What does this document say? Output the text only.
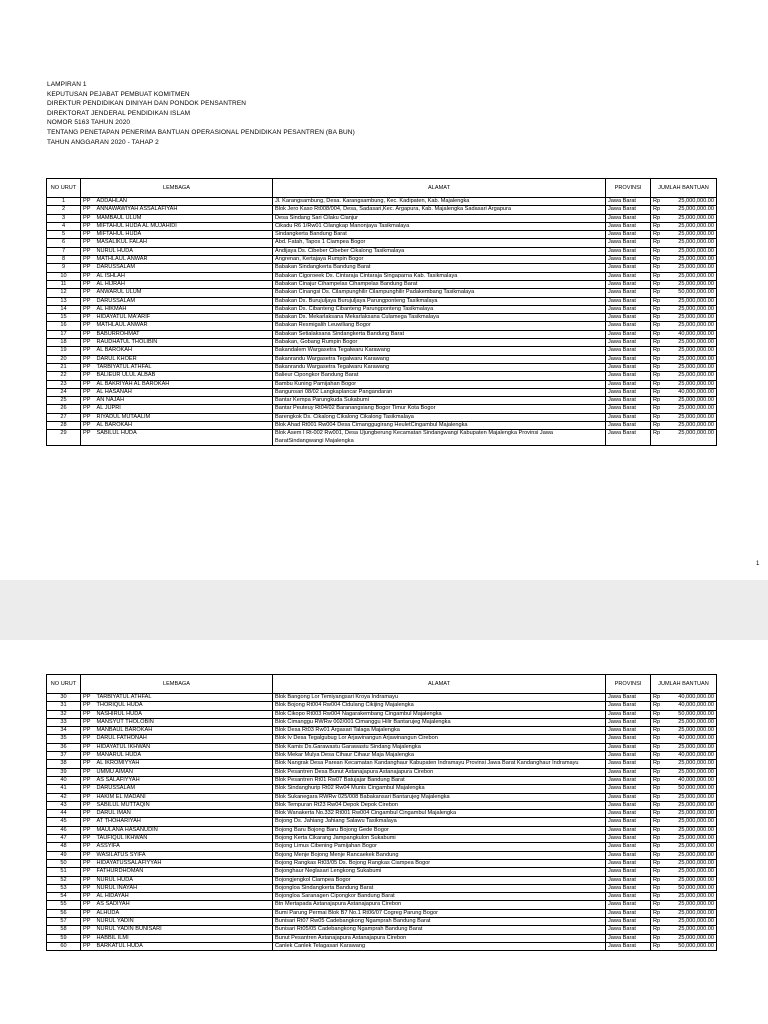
LAMPIRAN 1
KEPUTUSAN PEJABAT PEMBUAT KOMITMEN
DIREKTUR PENDIDIKAN DINIYAH DAN PONDOK PENSANTREN
DIREKTORAT JENDERAL PENDIDIKAN ISLAM
NOMOR 5163 TAHUN 2020
TENTANG PENETAPAN PENERIMA BANTUAN OPERASIONAL PENDIDIKAN PESANTREN (BA BUN)
TAHUN ANGGARAN 2020 - TAHAP 2
NO URUT	LEMBAGA		ALAMAT	PROVINSI	JUMLAH BANTUAN	
1	PP	ADDAHLAN	Jl. Karangsambung, Desa. Karangsambung, Kec. Kadipaten, Kab. Majalengka	Jawa Barat	Rp	25,000,000.00
2	PP	ANNAWAWIYAH ASSALAFIYAH	Blok Jero Kaso Rt008/004, Desa, Sadasari,Kec. Argapura, Kab. Majalengka Sadasari Argapura	Jawa Barat	Rp	25,000,000.00
3	PP	MAMBAUL ULUM	Desa Sindang Sari Cilaku Cianjur	Jawa Barat	Rp	25,000,000.00
4	PP	MIFTAHUL HUDA AL MUJAHIDI	Cikadu R6 1/Rw01 Cilangkap Manonjaya Tasikmalaya	Jawa Barat	Rp	25,000,000.00
5	PP	MIFTAHUL HUDA	Sindangkerta Bandung Barat	Jawa Barat	Rp	25,000,000.00
6	PP	MASALIKUL FALAH	Abd. Fatah, Tapos 1 Ciampea Bogor	Jawa Barat	Rp	25,000,000.00
7	PP	NURUL HUDA	Andijaya Ds. Cibeber Cibeber Cikalong Tasikmalaya	Jawa Barat	Rp	25,000,000.00
8	PP	MATHLAUL ANWAR	Angrenan, Kertajaya Rumpin Bogor	Jawa Barat	Rp	25,000,000.00
9	PP	DARUSSALAM	Babakan Sindangkerta Bandung Barat	Jawa Barat	Rp	25,000,000.00
10	PP	AL ISHLAH	Babakan Cigoroeek Ds. Cintaraja Cintaraja Singaparna Kab. Tasikmalaya	Jawa Barat	Rp	25,000,000.00
11	PP	AL HIJRAH	Babakan Cinajur Cihampelas Cihampelas Bandung Barat	Jawa Barat	Rp	25,000,000.00
12	PP	ANWARUL ULUM	Babakan Cinangsi Ds. Cilampunghilir Cilampunghilir Padakembang Tasikmalaya	Jawa Barat	Rp	50,000,000.00
13	PP	DARUSSALAM	Babakan Ds. Burujuljaya Burujuljaya Parungponteng Tasikmalaya	Jawa Barat	Rp	25,000,000.00
14	PP	AL HIKMAH	Babakan Ds. Cibanteng Cibanteng Parungponteng Tasikmalaya	Jawa Barat	Rp	25,000,000.00
15	PP	HIDAYATUL MA'ARIF	Babakan Ds. Mekarlaksana Mekarlaksana Culamega Tasikmalaya	Jawa Barat	Rp	25,000,000.00
16	PP	MATHLAUL ANWAR	Babakan Resmigalih Leuwiliang Bogor	Jawa Barat	Rp	25,000,000.00
17	PP	BABURROHMAT	Babakan Setialaksana Sindangkerta Bandung Barat	Jawa Barat	Rp	40,000,000.00
18	PP	RAUDHATUL THOLIBIN	Babakan, Gobang Rumpin Bogor	Jawa Barat	Rp	25,000,000.00
19	PP	AL BAROKAH	Bakandalem Wargasetra Tegalwaru Karawang	Jawa Barat	Rp	25,000,000.00
20	PP	DARUL KHOER	Bakanrandu Wargasetra Tegalwaru Karawang	Jawa Barat	Rp	25,000,000.00
21	PP	TARBIYATUL ATHFAL	Bakanrandu Wargasetra Tegalwaru Karawang	Jawa Barat	Rp	25,000,000.00
22	PP	BALIEUR ULUL ALBAB	Balieur Cipongkor Bandung Barat	Jawa Barat	Rp	25,000,000.00
23	PP	AL BAKRIYAH AL BAROKAH	Bambu Kuning Pamijahan Bogor	Jawa Barat	Rp	25,000,000.00
24	PP	AL HASANAH	Bangunsari 08/02 Langkaplancar Pangandaran	Jawa Barat	Rp	40,000,000.00
25	PP	AN NAJAH	Bantar Kempa Parungkuda Sukabumi	Jawa Barat	Rp	25,000,000.00
26	PP	AL JUPRI	Bantar Peuteuy Rt04/02 Baranangsiang Bogor Timur Kota Bogor	Jawa Barat	Rp	25,000,000.00
27	PP	RIYADUL MUTAALIM	Barengkok Ds. Cikalong Cikalong Cikalong Tasikmalaya	Jawa Barat	Rp	25,000,000.00
28	PP	AL BAROKAH	Blok Ahad Rt001 Rw004 Desa Cimanggugirang HeuletCingambul Majalengka	Jawa Barat	Rp	25,000,000.00
29	PP	SABILUL HUDA	Blok Asem I Rt-002 Rw001, Desa Ujungberung Kecamatan Sindangwangi Kabupaten Majalengka Provinsi Jawa BaratSindangwangi Majalengka	Jawa Barat	Rp	25,000,000.00
1
NO URUT	LEMBAGA		ALAMAT	PROVINSI	JUMLAH BANTUAN	
30	PP	TARBIYATUL ATHFAL	Blok Bangong Lor Temiyangsari Kroya Indramayu	Jawa Barat	Rp	40,000,000.00
31	PP	THORIQUL HUDA	Blok Bojong Rt004 Rw004 Cidulang Cikijing Majalengka	Jawa Barat	Rp	40,000,000.00
32	PP	NASHIRUL HUDA	Blok Cikopo Rt003 Rw004 Nagarakembang Cingambul Majalengka	Jawa Barat	Rp	50,000,000.00
33	PP	MANSYUT THOLOBIN	Blok Cimanggu RWRw 002/001 Cimanggu Hilir Bantarujeg Majalengka	Jawa Barat	Rp	25,000,000.00
34	PP	MANBAUL BAROKAH	Blok Desa Rt03 Rw01 Argasari Talaga Majalengka	Jawa Barat	Rp	25,000,000.00
35	PP	DARUL FATHONAH	Blok Iv Desa Tegalgubug Lor Arjawinangun Arjawinangun Cirebon	Jawa Barat	Rp	40,000,000.00
36	PP	HIDAYATUL IKHWAN	Blok Kamis Ds.Garawastu Garawastu Sindang Majalengka	Jawa Barat	Rp	25,000,000.00
37	PP	MANARUL HUDA	Blok Mekar Mulya Desa Cihaur Cihaur Maja Majalengka	Jawa Barat	Rp	40,000,000.00
38	PP	AL IKROMIYYAH	Blok Nangrak Desa Parean Kecamatan Kandanghaur Kabupaten Indramayu Provinsi Jawa Barat Kandanghaur Indramayu	Jawa Barat	Rp	25,000,000.00
39	PP	UMMU AIMAN	Blok Pesantren Desa Bunut Astanajapura Astanajapura Cirebon	Jawa Barat	Rp	25,000,000.00
40	PP	AS SALAFIYYAH	Blok Pesantren Rt01 Rw07 Batujajar Bandung Barat	Jawa Barat	Rp	40,000,000.00
41	PP	DARUSSALAM	Blok Sindanghurip Rt02 Rw04 Munis Cingambul Majalengka	Jawa Barat	Rp	50,000,000.00
42	PP	HAKIM EL MADANI	Blok Sukanegara RWRw 025/008 Babakansari Bantarujeg Majalengka	Jawa Barat	Rp	25,000,000.00
43	PP	SABILUL MUTTAQIN	Blok Tempuran Rt23 Rw04 Depok Depok Cirebon	Jawa Barat	Rp	25,000,000.00
44	PP	DARUL IMAN	Blok Wanakerta No.332 Rt001 Rw004 Cingambul Cingambul Majalengka	Jawa Barat	Rp	25,000,000.00
45	PP	AT THOHARIYAH	Bojong Ds. Jahiang Jahiang Salawu Tasikmalaya	Jawa Barat	Rp	25,000,000.00
46	PP	MAULANA HASANUDIN	Bojong Baru Bojong Baru Bojong Gede Bogor	Jawa Barat	Rp	25,000,000.00
47	PP	TAUFIQUL IKHWAN	Bojong Kerta Cikarang Jampangkulon Sukabumi	Jawa Barat	Rp	25,000,000.00
48	PP	ASSYIFA	Bojong Limus Cibening Pamijahan Bogor	Jawa Barat	Rp	25,000,000.00
49	PP	WASILATUS SYIFA	Bojong Menje Bojong Menje Rancaekek Bandung	Jawa Barat	Rp	25,000,000.00
50	PP	HIDAYATUSSALAFIYYAH	Bojong Rangkas Rt03/05 Ds. Bojong Rangkas Ciampea Bogor	Jawa Barat	Rp	25,000,000.00
51	PP	FATHURDHOMAN	Bojonghaur Neglasari Lengkong Sukabumi	Jawa Barat	Rp	25,000,000.00
52	PP	NURUL HUDA	Bojongjengkol Ciampea Bogor	Jawa Barat	Rp	25,000,000.00
53	PP	NURUL INAYAH	Bojongloa Sindangkerta Bandung Barat	Jawa Barat	Rp	50,000,000.00
54	PP	AL HIDAYAH	Bojongloa Saranagen Cipongkor Bandung Barat	Jawa Barat	Rp	25,000,000.00
55	PP	AS SADIYAH	Btn Mertapada Astanajapura Astanajapura Cirebon	Jawa Barat	Rp	25,000,000.00
56	PP	ALHUDA	Bumi Parung Permai Blok B7 No.1 Rt06/07 Cogreg Parung Bogor	Jawa Barat	Rp	25,000,000.00
57	PP	NURUL YADIN	Bunisari Rt07 Rw05 Cadebangkong Ngamprah Bandung Barat	Jawa Barat	Rp	25,000,000.00
58	PP	NURUL YADIN BUNISARI	Bunisari Rt05/05 Cadebangkong Ngamprah Bandung Barat	Jawa Barat	Rp	25,000,000.00
59	PP	HABBIL ILMI	Bunut Pesantren Astanajapura Astanajapura Cirebon	Jawa Barat	Rp	25,000,000.00
60	PP	BARKATUL HUDA	Canlek Canlek Telagasari Karawang	Jawa Barat	Rp	50,000,000.00
